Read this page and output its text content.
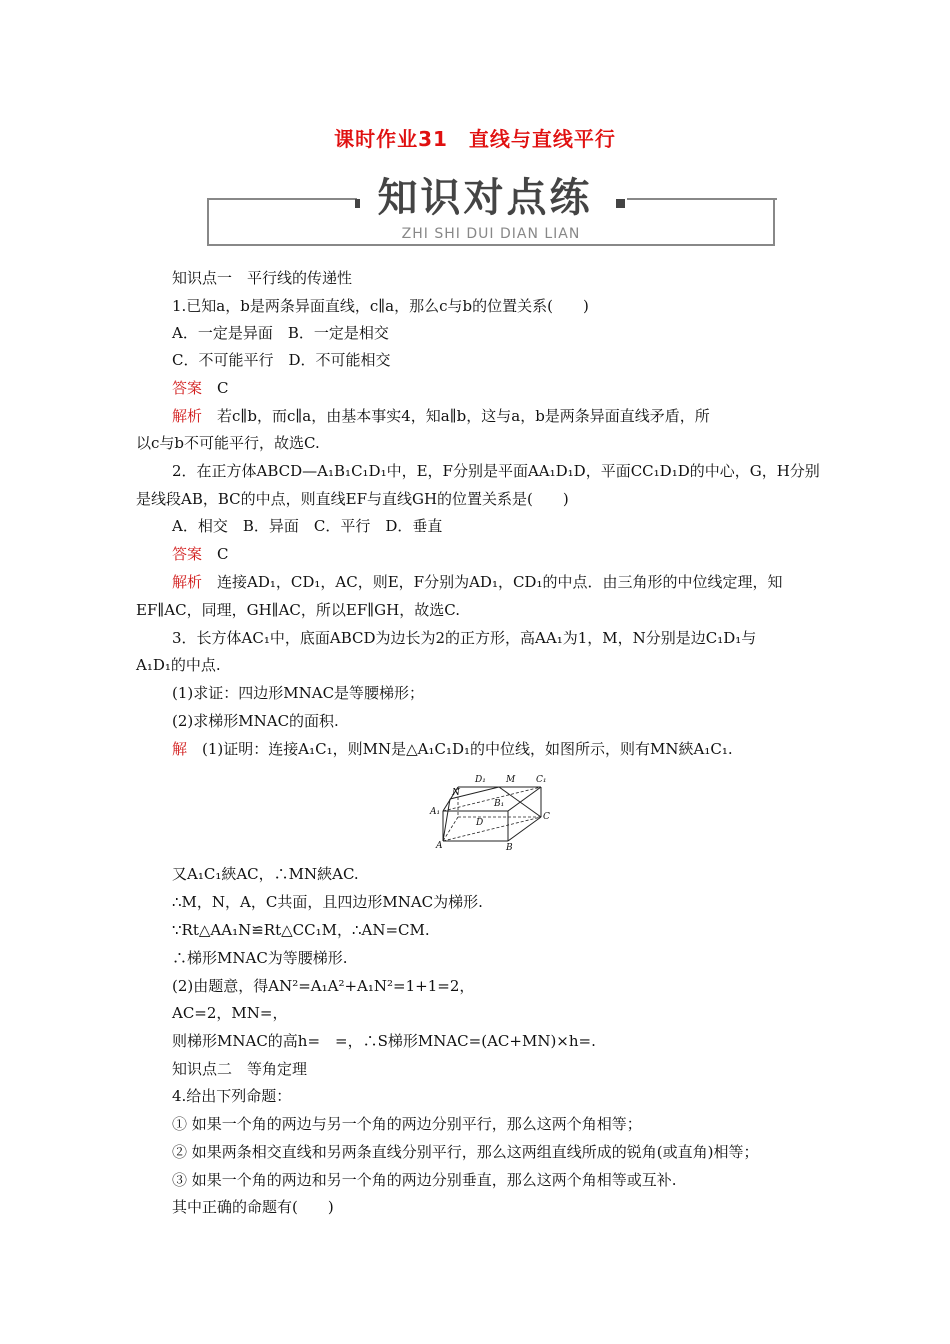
课时作业31　直线与直线平行
知识对点练
ZHI SHI DUI DIAN LIAN
知识点一　平行线的传递性
1.已知a，b是两条异面直线，c∥a，那么c与b的位置关系(　　)
A．一定是异面　B．一定是相交
C．不可能平行　D．不可能相交
答案　 C
解析　 若c∥b，而c∥a，由基本事实4，知a∥b，这与a，b是两条异面直线矛盾，所
以c与b不可能平行，故选C.
2．在正方体ABCD—A₁B₁C₁D₁中，E，F分别是平面AA₁D₁D，平面CC₁D₁D的中心，G，H分别
是线段AB，BC的中点，则直线EF与直线GH的位置关系是(　　)
A．相交　B．异面　C．平行　D．垂直
答案　 C
解析　 连接AD₁，CD₁，AC，则E，F分别为AD₁，CD₁的中点．由三角形的中位线定理，知
EF∥AC，同理，GH∥AC，所以EF∥GH，故选C.
3．长方体AC₁中，底面ABCD为边长为2的正方形，高AA₁为1，M，N分别是边C₁D₁与
A₁D₁的中点.
(1)求证：四边形MNAC是等腰梯形；
(2)求梯形MNAC的面积.
解　 (1)证明：连接A₁C₁，则MN是△A₁C₁D₁的中位线，如图所示，则有MN綊A₁C₁.
D₁ M C₁
N
B₁
A₁
D
C
A	B
又A₁C₁綊AC，∴MN綊AC.
∴M，N，A，C共面，且四边形MNAC为梯形.
∵Rt△AA₁N≌Rt△CC₁M，∴AN=CM.
∴梯形MNAC为等腰梯形.
(2)由题意，得AN²=A₁A²+A₁N²=1+1=2，
AC=2，MN=，
则梯形MNAC的高h=　=，∴S梯形MNAC=(AC+MN)×h=.
知识点二　等角定理
4.给出下列命题：
① 如果一个角的两边与另一个角的两边分别平行，那么这两个角相等；
② 如果两条相交直线和另两条直线分别平行，那么这两组直线所成的锐角(或直角)相等；
③ 如果一个角的两边和另一个角的两边分别垂直，那么这两个角相等或互补.
其中正确的命题有(　　)
